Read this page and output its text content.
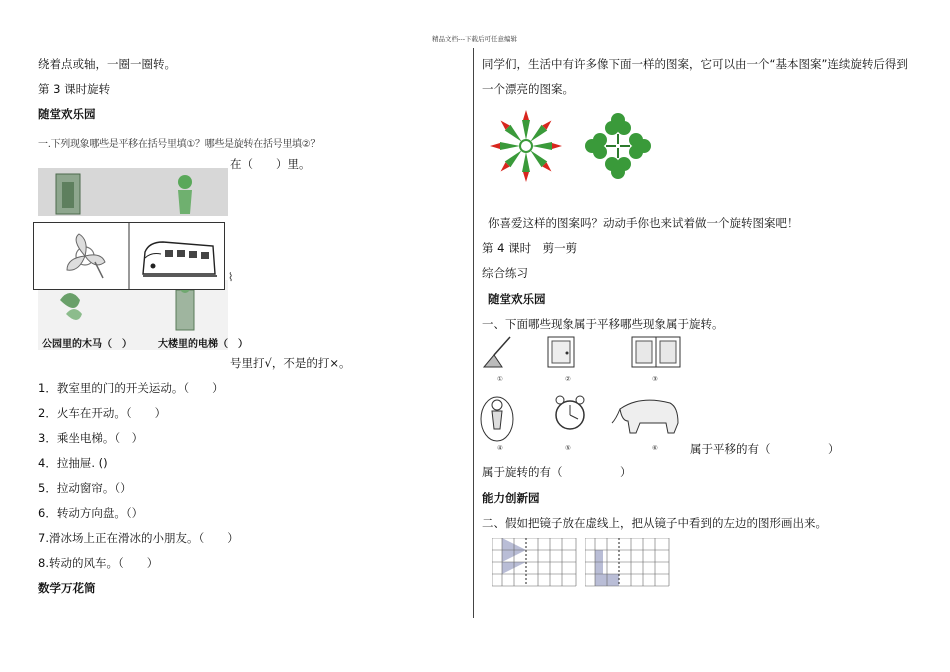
精品文档---下载后可任意编辑
绕着点或轴，一圈一圈转。
第 3 课时旋转
随堂欢乐园
一.下列现象哪些是平移在括号里填①？哪些是旋转在括号里填②？
在（　　）里。
公园里的木马（　）	大楼里的电梯（　）
⌇
号里打√，不是的打×。
1．教室里的门的开关运动。（　　）
2．火车在开动。（　　）
3．乘坐电梯。（　）
4．拉抽屉. ()
5．拉动窗帘。（）
6．转动方向盘。（）
7.滑冰场上正在滑冰的小朋友。（　　）
8.转动的风车。（　　）
数学万花筒
同学们，生活中有许多像下面一样的图案，它可以由一个“基本图案”连续旋转后得到
一个漂亮的图案。
你喜爱这样的图案吗？动动手你也来试着做一个旋转图案吧！
第 4 课时　剪一剪
综合练习
随堂欢乐园
一、下面哪些现象属于平移哪些现象属于旋转。
①	②	③
④	⑤	⑥	属于平移的有（　　　　　）
属于旋转的有（　　　　　）
能力创新园
二、假如把镜子放在虚线上，把从镜子中看到的左边的图形画出来。
